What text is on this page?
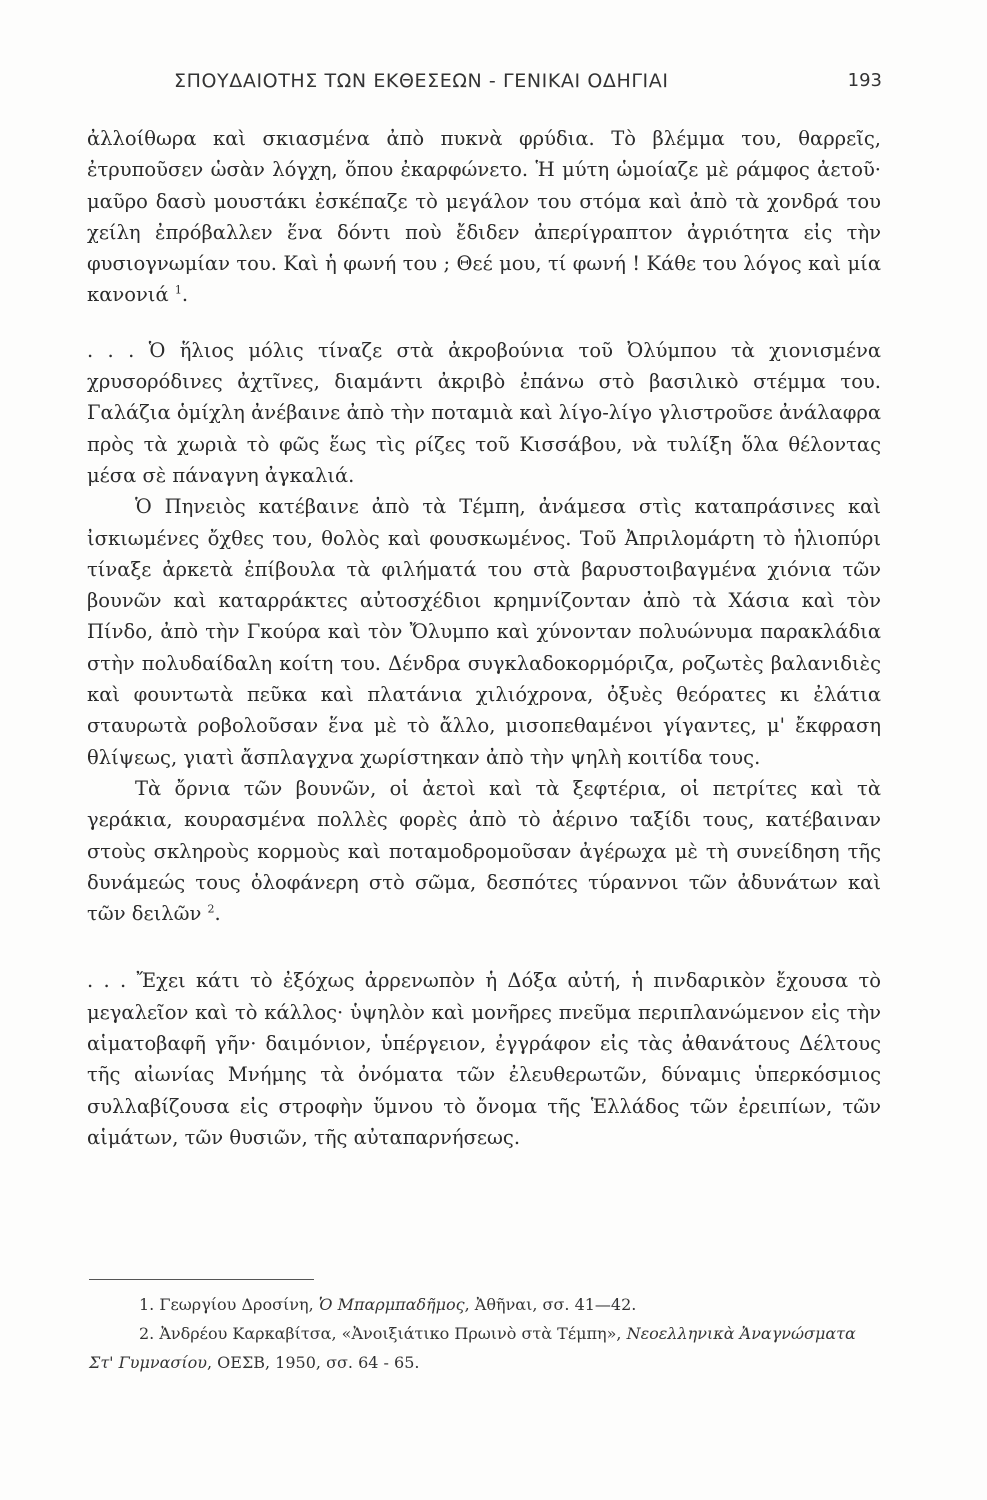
ΣΠΟΥΔΑΙΟΤΗΣ ΤΩΝ ΕΚΘΕΣΕΩΝ - ΓΕΝΙΚΑΙ ΟΔΗΓΙΑΙ	193

ἀλλοίθωρα καὶ σκιασμένα ἀπὸ πυκνὰ φρύδια. Τὸ βλέμμα του, θαρρεῖς, ἐτρυποῦσεν ὡσὰν λόγχη, ὅπου ἐκαρφώνετο. Ἡ μύτη ὡμοίαζε μὲ ράμφος ἀετοῦ· μαῦρο δασὺ μουστάκι ἐσκέπαζε τὸ μεγάλον του στόμα καὶ ἀπὸ τὰ χονδρά του χείλη ἐπρόβαλλεν ἕνα δόντι ποὺ ἔδιδεν ἀπερίγραπτον ἀγριότητα εἰς τὴν φυσιογνωμίαν του. Καὶ ἡ φωνή του ; Θεέ μου, τί φωνή ! Κάθε του λόγος καὶ μία κανονιά $^1$.

. . . Ὁ ἥλιος μόλις τίναζε στὰ ἀκροβούνια τοῦ Ὀλύμπου τὰ χιονισμένα χρυσορόδινες ἀχτῖνες, διαμάντι ἀκριβὸ ἐπάνω στὸ βασιλικὸ στέμμα του. Γαλάζια ὁμίχλη ἀνέβαινε ἀπὸ τὴν ποταμιὰ καὶ λίγο-λίγο γλιστροῦσε ἀνάλαφρα πρὸς τὰ χωριὰ τὸ φῶς ἕως τὶς ρίζες τοῦ Κισσάβου, νὰ τυλίξη ὅλα θέλοντας μέσα σὲ πάναγνη ἀγκαλιά.

Ὁ Πηνειὸς κατέβαινε ἀπὸ τὰ Τέμπη, ἀνάμεσα στὶς καταπράσινες καὶ ἰσκιωμένες ὄχθες του, θολὸς καὶ φουσκωμένος. Τοῦ Ἀπριλομάρτη τὸ ἡλιοπύρι τίναξε ἀρκετὰ ἐπίβουλα τὰ φιλήματά του στὰ βαρυστοιβαγμένα χιόνια τῶν βουνῶν καὶ καταρράκτες αὐτοσχέδιοι κρημνίζονταν ἀπὸ τὰ Χάσια καὶ τὸν Πίνδο, ἀπὸ τὴν Γκούρα καὶ τὸν Ὄλυμπο καὶ χύνονταν πολυώνυμα παρακλάδια στὴν πολυδαίδαλη κοίτη του. Δένδρα συγκλαδοκορμόριζα, ροζωτὲς βαλανιδιὲς καὶ φουντωτὰ πεῦκα καὶ πλατάνια χιλιόχρονα, ὀξυὲς θεόρατες κι ἐλάτια σταυρωτὰ ροβολοῦσαν ἕνα μὲ τὸ ἄλλο, μισοπεθαμένοι γίγαντες, μ' ἔκφραση θλίψεως, γιατὶ ἄσπλαγχνα χωρίστηκαν ἀπὸ τὴν ψηλὴ κοιτίδα τους.

Τὰ ὄρνια τῶν βουνῶν, οἱ ἀετοὶ καὶ τὰ ξεφτέρια, οἱ πετρίτες καὶ τὰ γεράκια, κουρασμένα πολλὲς φορὲς ἀπὸ τὸ ἀέρινο ταξίδι τους, κατέβαιναν στοὺς σκληροὺς κορμοὺς καὶ ποταμοδρομοῦσαν ἀγέρωχα μὲ τὴ συνείδηση τῆς δυνάμεώς τους ὁλοφάνερη στὸ σῶμα, δεσπότες τύραννοι τῶν ἀδυνάτων καὶ τῶν δειλῶν $^2$.

. . . Ἔχει κάτι τὸ ἐξόχως ἀρρενωπὸν ἡ Δόξα αὐτή, ἡ πινδαρικὸν ἔχουσα τὸ μεγαλεῖον καὶ τὸ κάλλος· ὑψηλὸν καὶ μονῆρες πνεῦμα περιπλανώμενον εἰς τὴν αἱματοβαφῆ γῆν· δαιμόνιον, ὑπέργειον, ἐγγράφον εἰς τὰς ἀθανάτους Δέλτους τῆς αἰωνίας Μνήμης τὰ ὀνόματα τῶν ἐλευθερωτῶν, δύναμις ὑπερκόσμιος συλλαβίζουσα εἰς στροφὴν ὕμνου τὸ ὄνομα τῆς Ἑλλάδος τῶν ἐρειπίων, τῶν αἱμάτων, τῶν θυσιῶν, τῆς αὐταπαρνήσεως.

1. Γεωργίου Δροσίνη, Ὁ Μπαρμπαδῆμος, Ἀθῆναι, σσ. 41—42.

2. Ἀνδρέου Καρκαβίτσα, «Ἀνοιξιάτικο Πρωινὸ στὰ Τέμπη», Νεοελληνικὰ Ἀναγνώσματα Στ' Γυμνασίου, ΟΕΣΒ, 1950, σσ. 64 - 65.
